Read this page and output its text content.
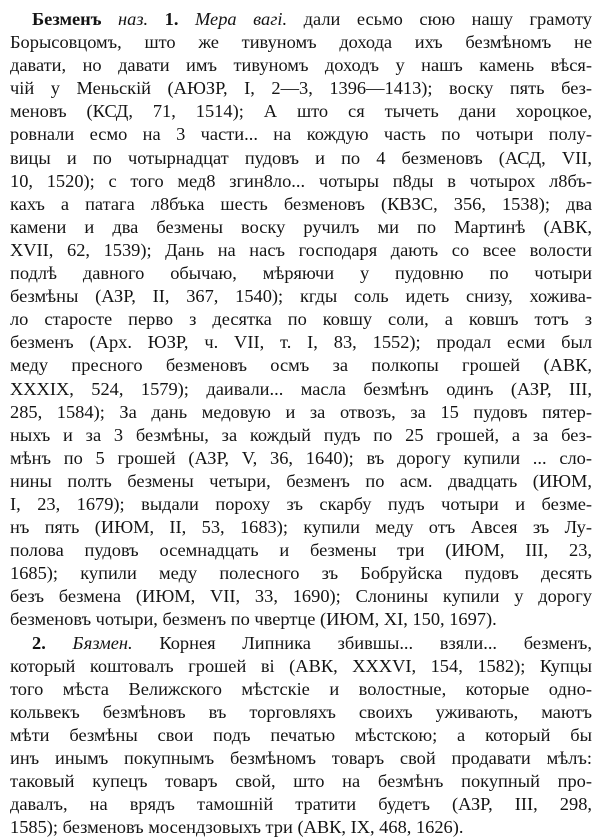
Безменъ наз. 1. Мера вагі. дали есьмо сюю нашу грамоту
Борысовцомъ, што же тивуномъ дохода ихъ безмѣномъ не
давати, но давати имъ тивуномъ доходъ у нашъ камень вѣся-
чій у Меньскій (АЮЗР, I, 2—3, 1396—1413); воску пять без-
меновъ (КСД, 71, 1514); А што ся тычеть дани хороцкое,
ровнали есмо на 3 части... на кождую часть по чотыри полу-
вицы и по чотырнадцат пудовъ и по 4 безменовъ (АСД, VII,
10, 1520); с того мед8 згин8ло... чотыры п8ды в чотырох л8бъ-
кахъ а патага л8бъка шесть безменовъ (КВЗС, 356, 1538); два
камени и два безмены воску ручилъ ми по Мартинѣ (АВК,
XVII, 62, 1539); Дань на насъ господаря дають со всее волости
подлѣ давного обычаю, мѣряючи у пудовню по чотыри
безмѣны (АЗР, II, 367, 1540); кгды соль идеть снизу, хожива-
ло старосте перво з десятка по ковшу соли, а ковшъ тотъ з
безменъ (Арх. ЮЗР, ч. VII, т. I, 83, 1552); продал есми был
меду пресного безменовъ осмъ за полкопы грошей (АВК,
XXXIX, 524, 1579); даивали... масла безмѣнъ одинъ (АЗР, III,
285, 1584); За дань медовую и за отвозъ, за 15 пудовъ пятер-
ныхъ и за 3 безмѣны, за кождый пудъ по 25 грошей, а за без-
мѣнъ по 5 грошей (АЗР, V, 36, 1640); въ дорогу купили ... сло-
нины полть безмены четыри, безменъ по асм. двадцать (ИЮМ,
I, 23, 1679); выдали пороху зъ скарбу пудъ чотыри и безме-
нъ пять (ИЮМ, II, 53, 1683); купили меду отъ Авсея зъ Лу-
полова пудовъ осемнадцать и безмены три (ИЮМ, III, 23,
1685); купили меду полесного зъ Бобруйска пудовъ десять
безъ безмена (ИЮМ, VII, 33, 1690); Слонины купили у дорогу
безменовъ чотыри, безменъ по чвертце (ИЮМ, XI, 150, 1697).
2. Бязмен. Корнея Липника збившы... взяли... безменъ,
который коштовалъ грошей ві (АВК, XXXVI, 154, 1582); Купцы
того мѣста Велижского мѣстскіе и волостные, которые одно-
кольвекъ безмѣновъ въ торговляхъ своихъ уживають, маютъ
мѣти безмѣны свои подъ печатью мѣстскою; а который бы
инъ инымъ покупнымъ безмѣномъ товаръ свой продавати мѣлъ:
таковый купецъ товаръ свой, што на безмѣнъ покупный про-
давалъ, на врядъ тамошній тратити будетъ (АЗР, III, 298,
1585); безменовъ мосендзовыхъ три (АВК, IX, 468, 1626).
